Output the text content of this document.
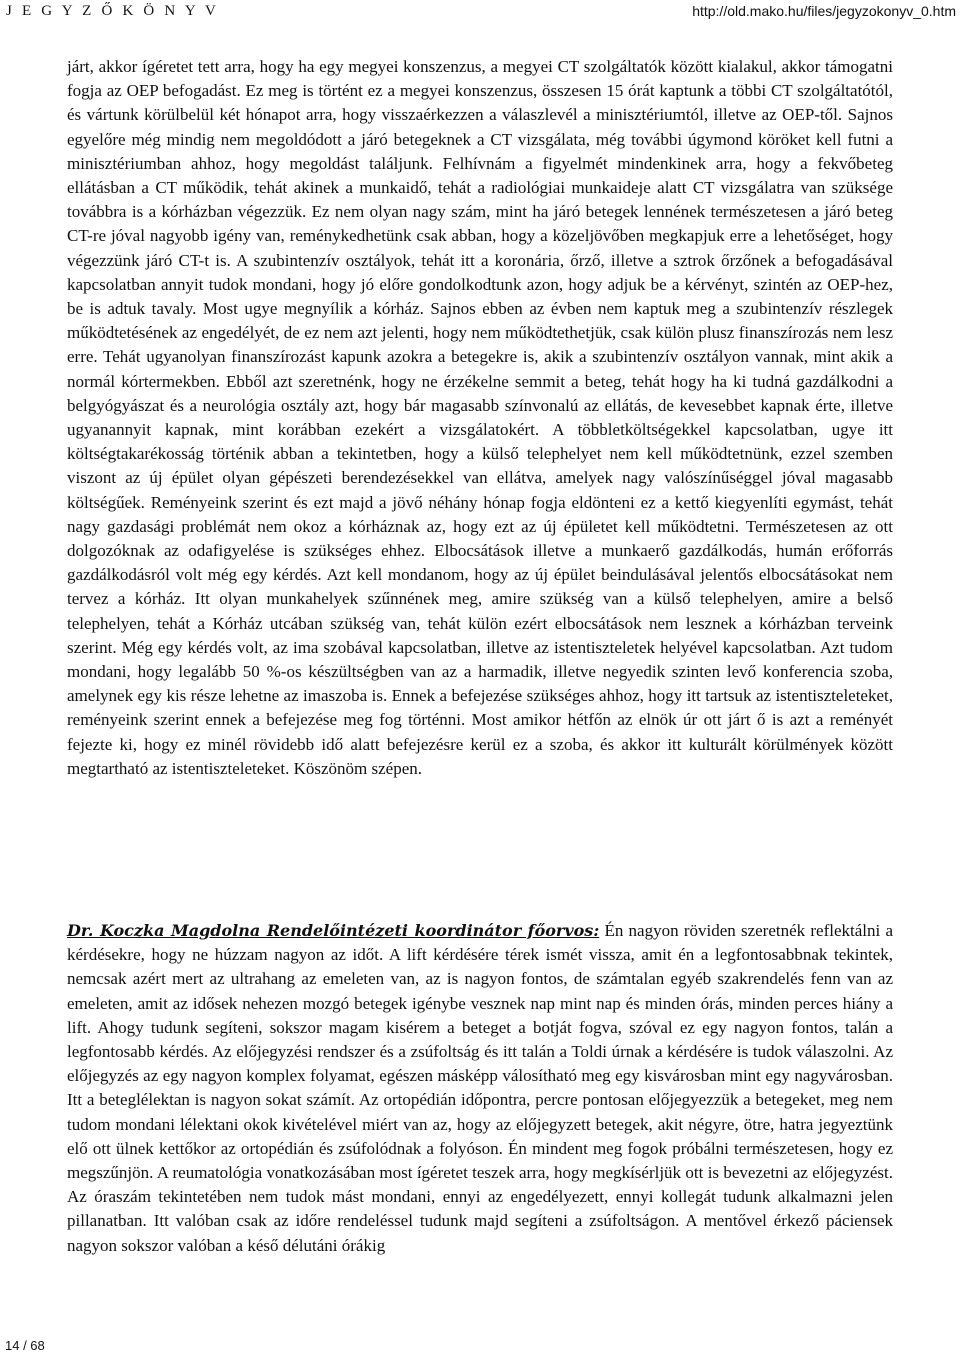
J E G Y Z Ő K Ö N Y V	http://old.mako.hu/files/jegyzokonyv_0.htm

járt, akkor ígéretet tett arra, hogy ha egy megyei konszenzus, a megyei CT szolgáltatók között kialakul, akkor támogatni fogja az OEP befogadást. Ez meg is történt ez a megyei konszenzus, összesen 15 órát kaptunk a többi CT szolgáltatótól, és vártunk körülbelül két hónapot arra, hogy visszaérkezzen a válaszlevél a minisztériumtól, illetve az OEP-től. Sajnos egyelőre még mindig nem megoldódott a járó betegeknek a CT vizsgálata, még további úgymond köröket kell futni a minisztériumban ahhoz, hogy megoldást találjunk. Felhívnám a figyelmét mindenkinek arra, hogy a fekvőbeteg ellátásban a CT működik, tehát akinek a munkaidő, tehát a radiológiai munkaideje alatt CT vizsgálatra van szüksége továbbra is a kórházban végezzük. Ez nem olyan nagy szám, mint ha járó betegek lennének természetesen a járó beteg CT-re jóval nagyobb igény van, reménykedhetünk csak abban, hogy a közeljövőben megkapjuk erre a lehetőséget, hogy végezzünk járó CT-t is. A szubintenzív osztályok, tehát itt a koronária, őrző, illetve a sztrok őrzőnek a befogadásával kapcsolatban annyit tudok mondani, hogy jó előre gondolkodtunk azon, hogy adjuk be a kérvényt, szintén az OEP-hez, be is adtuk tavaly. Most ugye megnyílik a kórház. Sajnos ebben az évben nem kaptuk meg a szubintenzív részlegek működtetésének az engedélyét, de ez nem azt jelenti, hogy nem működtethetjük, csak külön plusz finanszírozás nem lesz erre. Tehát ugyanolyan finanszírozást kapunk azokra a betegekre is, akik a szubintenzív osztályon vannak, mint akik a normál kórtermekben. Ebből azt szeretnénk, hogy ne érzékelne semmit a beteg, tehát hogy ha ki tudná gazdálkodni a belgyógyászat és a neurológia osztály azt, hogy bár magasabb színvonalú az ellátás, de kevesebbet kapnak érte, illetve ugyanannyit kapnak, mint korábban ezekért a vizsgálatokért. A többletköltségekkel kapcsolatban, ugye itt költségtakarékosság történik abban a tekintetben, hogy a külső telephelyet nem kell működtetnünk, ezzel szemben viszont az új épület olyan gépészeti berendezésekkel van ellátva, amelyek nagy valószínűséggel jóval magasabb költségűek. Reményeink szerint és ezt majd a jövő néhány hónap fogja eldönteni ez a kettő kiegyenlíti egymást, tehát nagy gazdasági problémát nem okoz a kórháznak az, hogy ezt az új épületet kell működtetni. Természetesen az ott dolgozóknak az odafigyelése is szükséges ehhez. Elbocsátások illetve a munkaerő gazdálkodás, humán erőforrás gazdálkodásról volt még egy kérdés. Azt kell mondanom, hogy az új épület beindulásával jelentős elbocsátásokat nem tervez a kórház. Itt olyan munkahelyek szűnnének meg, amire szükség van a külső telephelyen, amire a belső telephelyen, tehát a Kórház utcában szükség van, tehát külön ezért elbocsátások nem lesznek a kórházban terveink szerint. Még egy kérdés volt, az ima szobával kapcsolatban, illetve az istentiszteletek helyével kapcsolatban. Azt tudom mondani, hogy legalább 50 %-os készültségben van az a harmadik, illetve negyedik szinten levő konferencia szoba, amelynek egy kis része lehetne az imaszoba is. Ennek a befejezése szükséges ahhoz, hogy itt tartsuk az istentiszteleteket, reményeink szerint ennek a befejezése meg fog történni. Most amikor hétfőn az elnök úr ott járt ő is azt a reményét fejezte ki, hogy ez minél rövidebb idő alatt befejezésre kerül ez a szoba, és akkor itt kulturált körülmények között megtartható az istentiszteleteket. Köszönöm szépen.

Dr. Koczka Magdolna Rendelőintézeti koordinátor főorvos: Én nagyon röviden szeretnék reflektálni a kérdésekre, hogy ne húzzam nagyon az időt. A lift kérdésére térek ismét vissza, amit én a legfontosabbnak tekintek, nemcsak azért mert az ultrahang az emeleten van, az is nagyon fontos, de számtalan egyéb szakrendelés fenn van az emeleten, amit az idősek nehezen mozgó betegek igénybe vesznek nap mint nap és minden órás, minden perces hiány a lift. Ahogy tudunk segíteni, sokszor magam kisérem a beteget a botját fogva, szóval ez egy nagyon fontos, talán a legfontosabb kérdés. Az előjegyzési rendszer és a zsúfoltság és itt talán a Toldi úrnak a kérdésére is tudok válaszolni. Az előjegyzés az egy nagyon komplex folyamat, egészen másképp válosítható meg egy kisvárosban mint egy nagyvárosban. Itt a beteglélektan is nagyon sokat számít. Az ortopédián időpontra, percre pontosan előjegyezzük a betegeket, meg nem tudom mondani lélektani okok kivételével miért van az, hogy az előjegyzett betegek, akit négyre, ötre, hatra jegyeztünk elő ott ülnek kettőkor az ortopédián és zsúfolódnak a folyóson. Én mindent meg fogok próbálni természetesen, hogy ez megszűnjön. A reumatológia vonatkozásában most ígéretet teszek arra, hogy megkísérljük ott is bevezetni az előjegyzést. Az óraszám tekintetében nem tudok mást mondani, ennyi az engedélyezett, ennyi kollegát tudunk alkalmazni jelen pillanatban. Itt valóban csak az időre rendeléssel tudunk majd segíteni a zsúfoltságon. A mentővel érkező páciensek nagyon sokszor valóban a késő délutáni órákig

14 / 68
